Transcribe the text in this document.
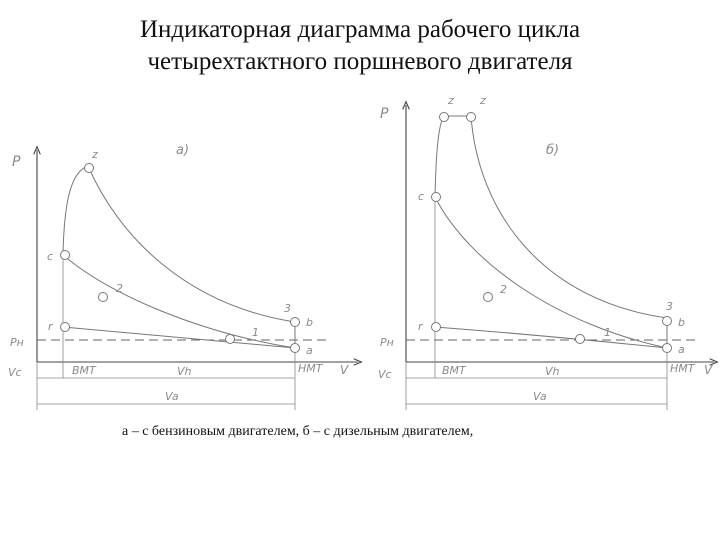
Индикаторная диаграмма рабочего цикла
четырехтактного поршневого двигателя
а)
P
V
Pн
Vc	ВМТ	НМТ
Vh
Va
z
c
2
3
b
r	1
a
б)
P
V
Pн
Vc	ВМТ	НМТ
Vh
Va
z z
c
2
3
b
r	1
a
а – с бензиновым двигателем, б – с дизельным двигателем,
